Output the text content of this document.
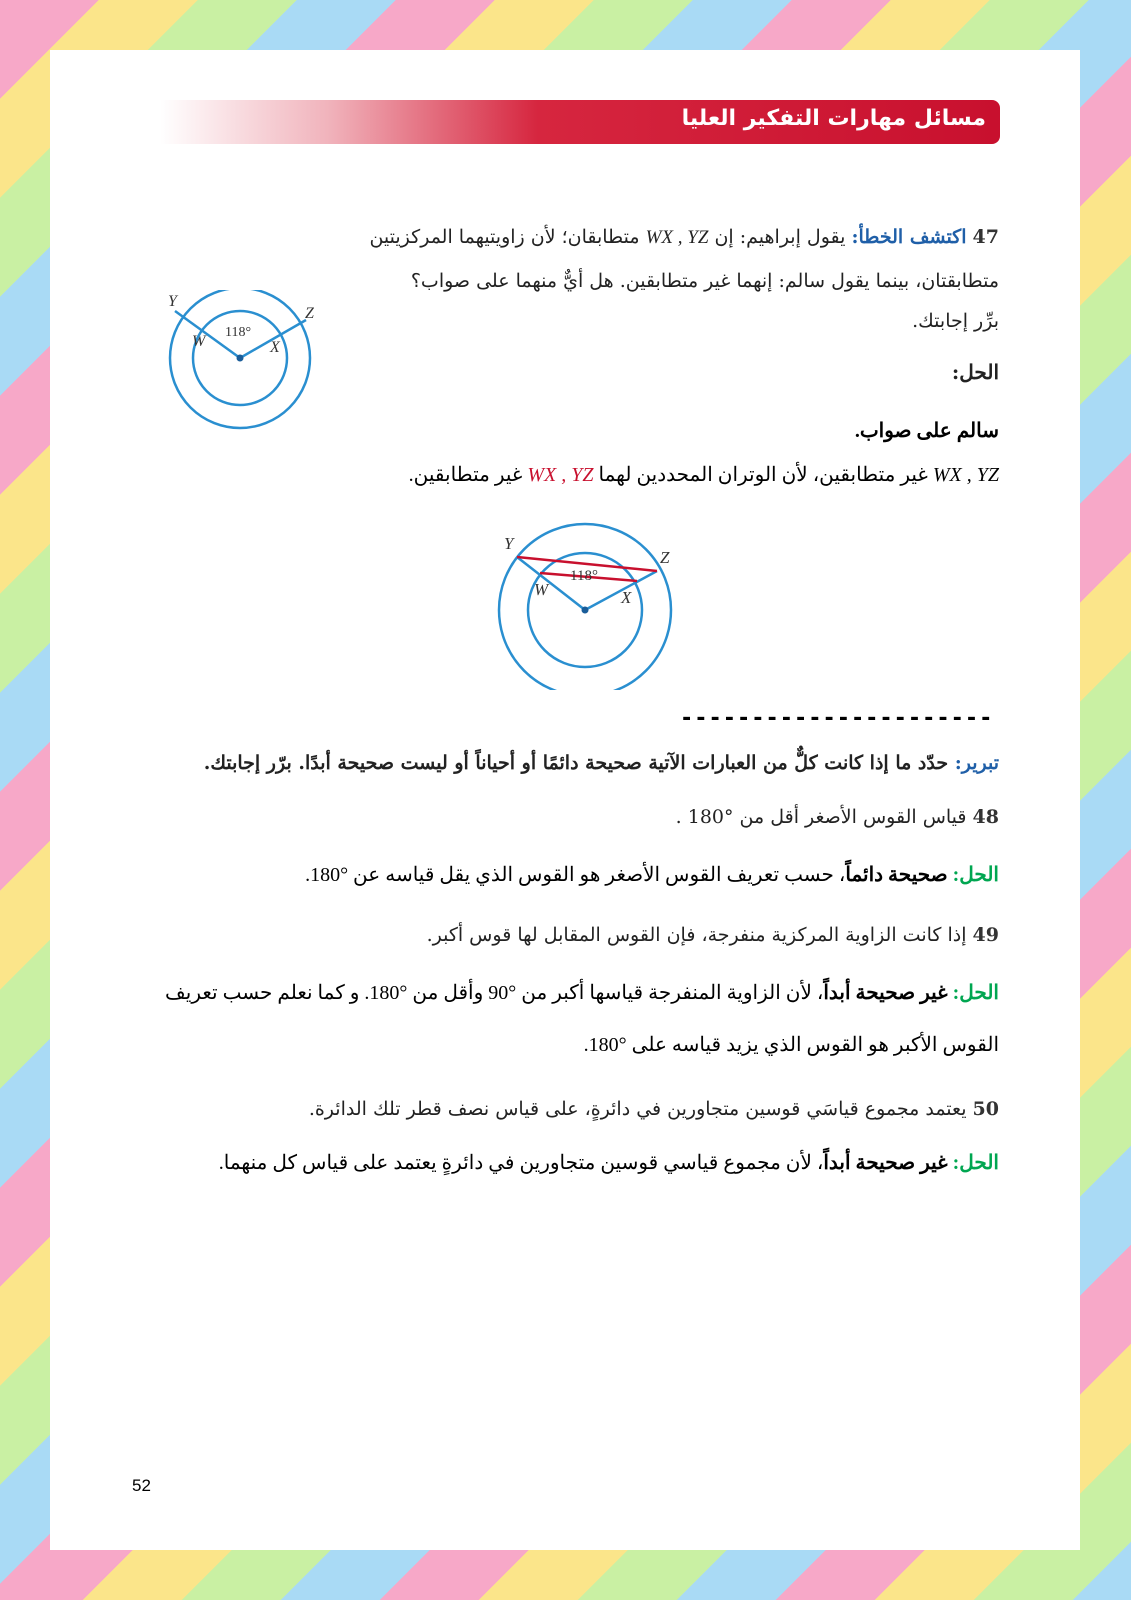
مسائل مهارات التفكير العليا
47 اكتشف الخطأ: يقول إبراهيم: إن WX , YZ متطابقان؛ لأن زاويتيهما المركزيتين
متطابقتان، بينما يقول سالم: إنهما غير متطابقين. هل أيٌّ منهما على صواب؟
برِّر إجابتك.
Y
Z
W	X
118°
الحل:
سالم على صواب.
WX , YZ غير متطابقين، لأن الوتران المحددين لهما WX , YZ غير متطابقين.
Y
Z
W	X
118°
----------------------
تبرير: حدّد ما إذا كانت كلٌّ من العبارات الآتية صحيحة دائمًا أو أحياناً أو ليست صحيحة أبدًا. برّر إجابتك.
48 قياس القوس الأصغر أقل من °180 .
الحل: صحيحة دائماً، حسب تعريف القوس الأصغر هو القوس الذي يقل قياسه عن °180.
49 إذا كانت الزاوية المركزية منفرجة، فإن القوس المقابل لها قوس أكبر.
الحل: غير صحيحة أبداً، لأن الزاوية المنفرجة قياسها أكبر من °90 وأقل من °180. و كما نعلم حسب تعريف
القوس الأكبر هو القوس الذي يزيد قياسه على °180.
50 يعتمد مجموع قياسَي قوسين متجاورين في دائرةٍ، على قياس نصف قطر تلك الدائرة.
الحل: غير صحيحة أبداً، لأن مجموع قياسي قوسين متجاورين في دائرةٍ يعتمد على قياس كل منهما.
52
